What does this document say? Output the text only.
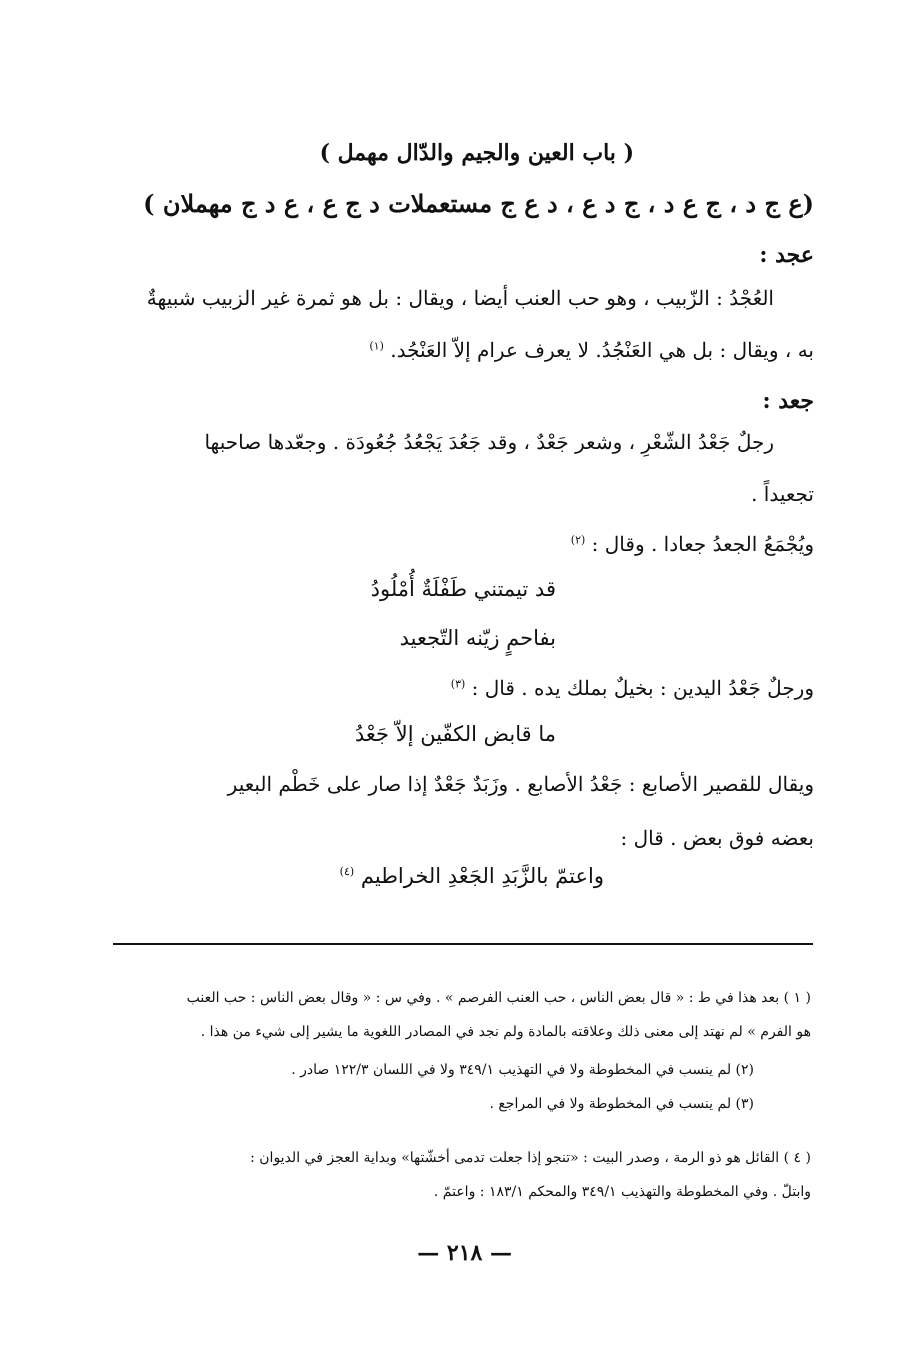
( باب العين والجيم والدّال مهمل )
(ع ج د ، ج ع د ، ج د ع ، د ع ج مستعملات د ج ع ، ع د ج مهملان )
عجد :
العُجْدُ : الزّبيب ، وهو حب العنب أيضا ، ويقال : بل هو ثمرة غير الزبيب شبيهةٌ
به ، ويقال : بل هي العَنْجُدُ. لا يعرف عرام إلاّ العَنْجُد. $^{(١)}$
جعد :
رجلٌ جَعْدُ الشّعْرِ ، وشعر جَعْدٌ ، وقد جَعُدَ يَجْعُدُ جُعُودَة . وجعّدها صاحبها
تجعيداً .
ويُجْمَعُ الجعدُ جعادا . وقال : $^{(٢)}$
قد تيمتني طَفْلَةٌ أُمْلُودُ
بفاحمٍ زيّنه التّجعيد
ورجلٌ جَعْدُ اليدين : بخيلٌ بملك يده . قال : $^{(٣)}$
ما قابض الكفّين إلاّ جَعْدُ
ويقال للقصير الأصابع : جَعْدُ الأصابع . وزَبَدٌ جَعْدٌ إذا صار على خَطْم البعير
بعضه فوق بعض . قال :
واعتمّ بالزَّبَدِ الجَعْدِ الخراطيم $^{(٤)}$
( ١ ) بعد هذا في ط : « قال بعض الناس ، حب العنب الفرصم » . وفي س : « وقال بعض الناس : حب العنب
هو الفرم » لم نهتد إلى معنى ذلك وعلاقته بالمادة ولم نجد في المصادر اللغوية ما يشير إلى شيء من هذا .
(٢) لم ينسب في المخطوطة ولا في التهذيب ٣٤٩/١ ولا في اللسان ١٢٢/٣ صادر .
(٣) لم ينسب في المخطوطة ولا في المراجع .
( ٤ ) القائل هو ذو الرمة ، وصدر البيت : «تنجو إذا جعلت تدمى أخشّتها» وبداية العجز في الديوان :
وابتلّ . وفي المخطوطة والتهذيب ٣٤٩/١ والمحكم ١٨٣/١ : واعتمّ .
— ٢١٨ —
